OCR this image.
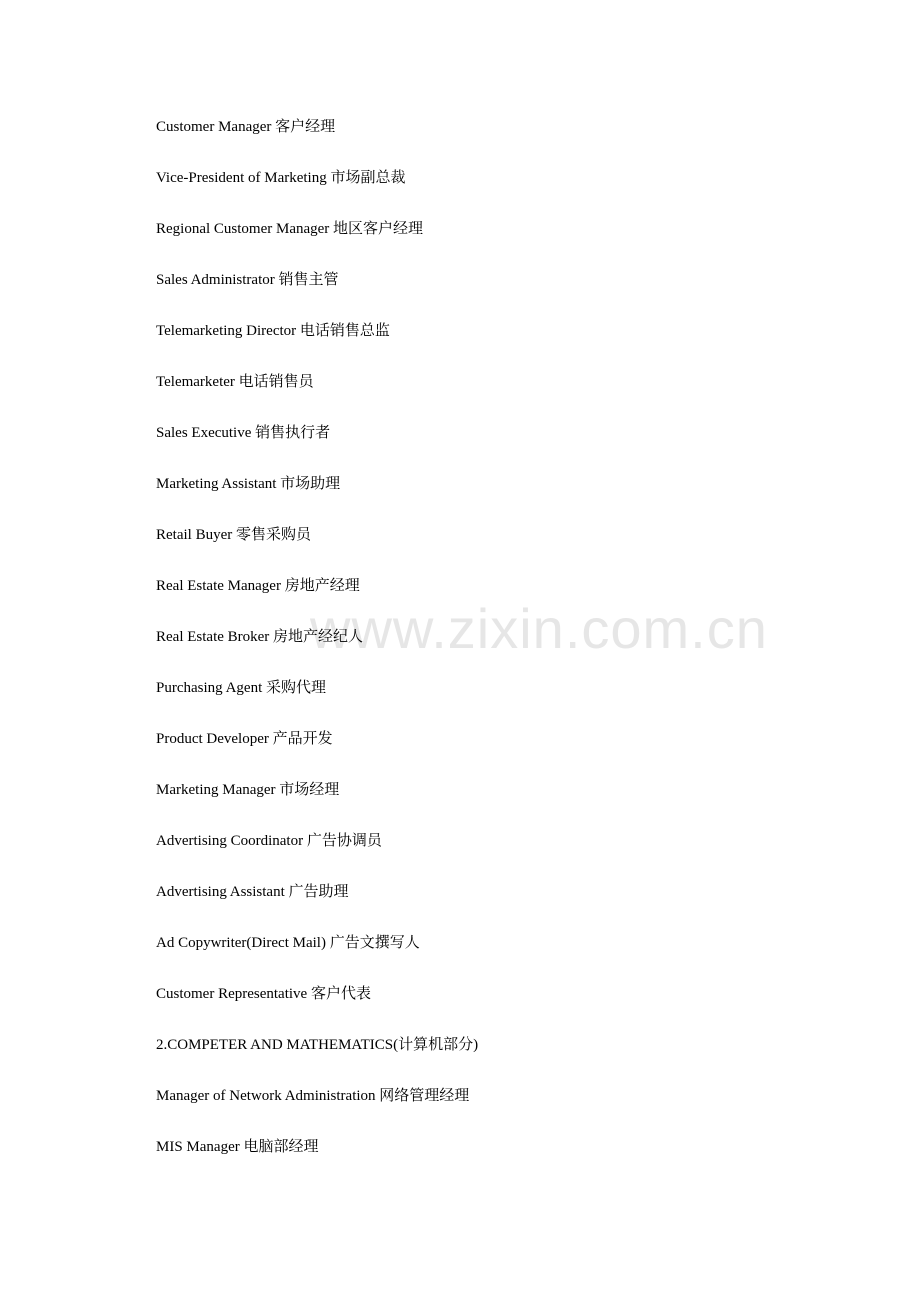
www.zixin.com.cn
Customer Manager 客户经理
Vice-President of Marketing 市场副总裁
Regional Customer Manager 地区客户经理
Sales Administrator 销售主管
Telemarketing Director 电话销售总监
Telemarketer 电话销售员
Sales Executive 销售执行者
Marketing Assistant 市场助理
Retail Buyer 零售采购员
Real Estate Manager 房地产经理
Real Estate Broker 房地产经纪人
Purchasing Agent 采购代理
Product Developer 产品开发
Marketing Manager 市场经理
Advertising Coordinator 广告协调员
Advertising Assistant 广告助理
Ad Copywriter(Direct Mail) 广告文撰写人
Customer Representative 客户代表
2.COMPETER AND MATHEMATICS(计算机部分)
Manager of Network Administration 网络管理经理
MIS Manager 电脑部经理
